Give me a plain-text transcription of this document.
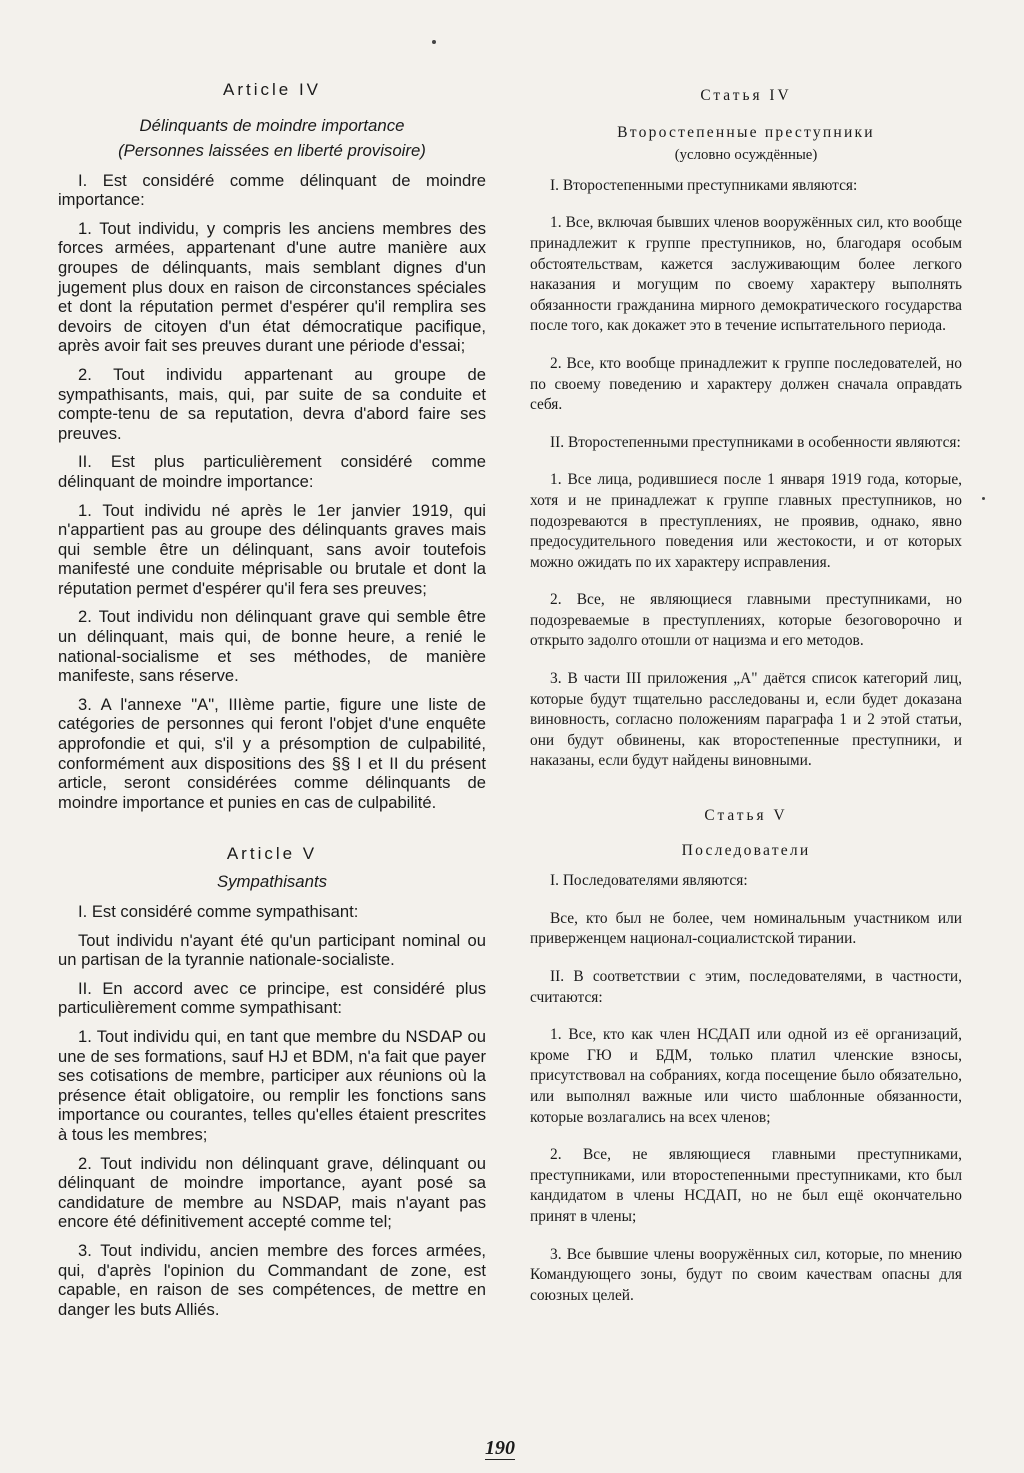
Article IV
Délinquants de moindre importance
(Personnes laissées en liberté provisoire)

I. Est considéré comme délinquant de moindre importance:

1. Tout individu, y compris les anciens membres des forces armées, appartenant d'une autre manière aux groupes de délinquants, mais semblant dignes d'un jugement plus doux en raison de circonstances spéciales et dont la réputation permet d'espérer qu'il remplira ses devoirs de citoyen d'un état démocratique pacifique, après avoir fait ses preuves durant une période d'essai;

2. Tout individu appartenant au groupe de sympathisants, mais, qui, par suite de sa conduite et compte-tenu de sa reputation, devra d'abord faire ses preuves.

II. Est plus particulièrement considéré comme délinquant de moindre importance:

1. Tout individu né après le 1er janvier 1919, qui n'appartient pas au groupe des délinquants graves mais qui semble être un délinquant, sans avoir toutefois manifesté une conduite méprisable ou brutale et dont la réputation permet d'espérer qu'il fera ses preuves;

2. Tout individu non délinquant grave qui semble être un délinquant, mais qui, de bonne heure, a renié le national-socialisme et ses méthodes, de manière manifeste, sans réserve.

3. A l'annexe "A", IIIème partie, figure une liste de catégories de personnes qui feront l'objet d'une enquête approfondie et qui, s'il y a présomption de culpabilité, conformément aux dispositions des §§ I et II du présent article, seront considérées comme délinquants de moindre importance et punies en cas de culpabilité.

Article V
Sympathisants

I. Est considéré comme sympathisant:

Tout individu n'ayant été qu'un participant nominal ou un partisan de la tyrannie nationale-socialiste.

II. En accord avec ce principe, est considéré plus particulièrement comme sympathisant:

1. Tout individu qui, en tant que membre du NSDAP ou une de ses formations, sauf HJ et BDM, n'a fait que payer ses cotisations de membre, participer aux réunions où la présence était obligatoire, ou remplir les fonctions sans importance ou courantes, telles qu'elles étaient prescrites à tous les membres;

2. Tout individu non délinquant grave, délinquant ou délinquant de moindre importance, ayant posé sa candidature de membre au NSDAP, mais n'ayant pas encore été définitivement accepté comme tel;

3. Tout individu, ancien membre des forces armées, qui, d'après l'opinion du Commandant de zone, est capable, en raison de ses compétences, de mettre en danger les buts Alliés.

Статья IV
Второстепенные преступники
(условно осуждённые)

I. Второстепенными преступниками являются:

1. Все, включая бывших членов вооружённых сил, кто вообще принадлежит к группе преступников, но, благодаря особым обстоятельствам, кажется заслуживающим более легкого наказания и могущим по своему характеру выполнять обязанности гражданина мирного демократического государства после того, как докажет это в течение испытательного периода.

2. Все, кто вообще принадлежит к группе последователей, но по своему поведению и характеру должен сначала оправдать себя.

II. Второстепенными преступниками в особенности являются:

1. Все лица, родившиеся после 1 января 1919 года, которые, хотя и не принадлежат к группе главных преступников, но подозреваются в преступлениях, не проявив, однако, явно предосудительного поведения или жестокости, и от которых можно ожидать по их характеру исправления.

2. Все, не являющиеся главными преступниками, но подозреваемые в преступлениях, которые безоговорочно и открыто задолго отошли от нацизма и его методов.

3. В части III приложения „А" даётся список категорий лиц, которые будут тщательно расследованы и, если будет доказана виновность, согласно положениям параграфа 1 и 2 этой статьи, они будут обвинены, как второстепенные преступники, и наказаны, если будут найдены виновными.

Статья V
Последователи

I. Последователями являются:

Все, кто был не более, чем номинальным участником или приверженцем национал-социалистской тирании.

II. В соответствии с этим, последователями, в частности, считаются:

1. Все, кто как член НСДАП или одной из её организаций, кроме ГЮ и БДМ, только платил членские взносы, присутствовал на собраниях, когда посещение было обязательно, или выполнял важные или чисто шаблонные обязанности, которые возлагались на всех членов;

2. Все, не являющиеся главными преступниками, преступниками, или второстепенными преступниками, кто был кандидатом в члены НСДАП, но не был ещё окончательно принят в члены;

3. Все бывшие члены вооружённых сил, которые, по мнению Командующего зоны, будут по своим качествам опасны для союзных целей.

190
